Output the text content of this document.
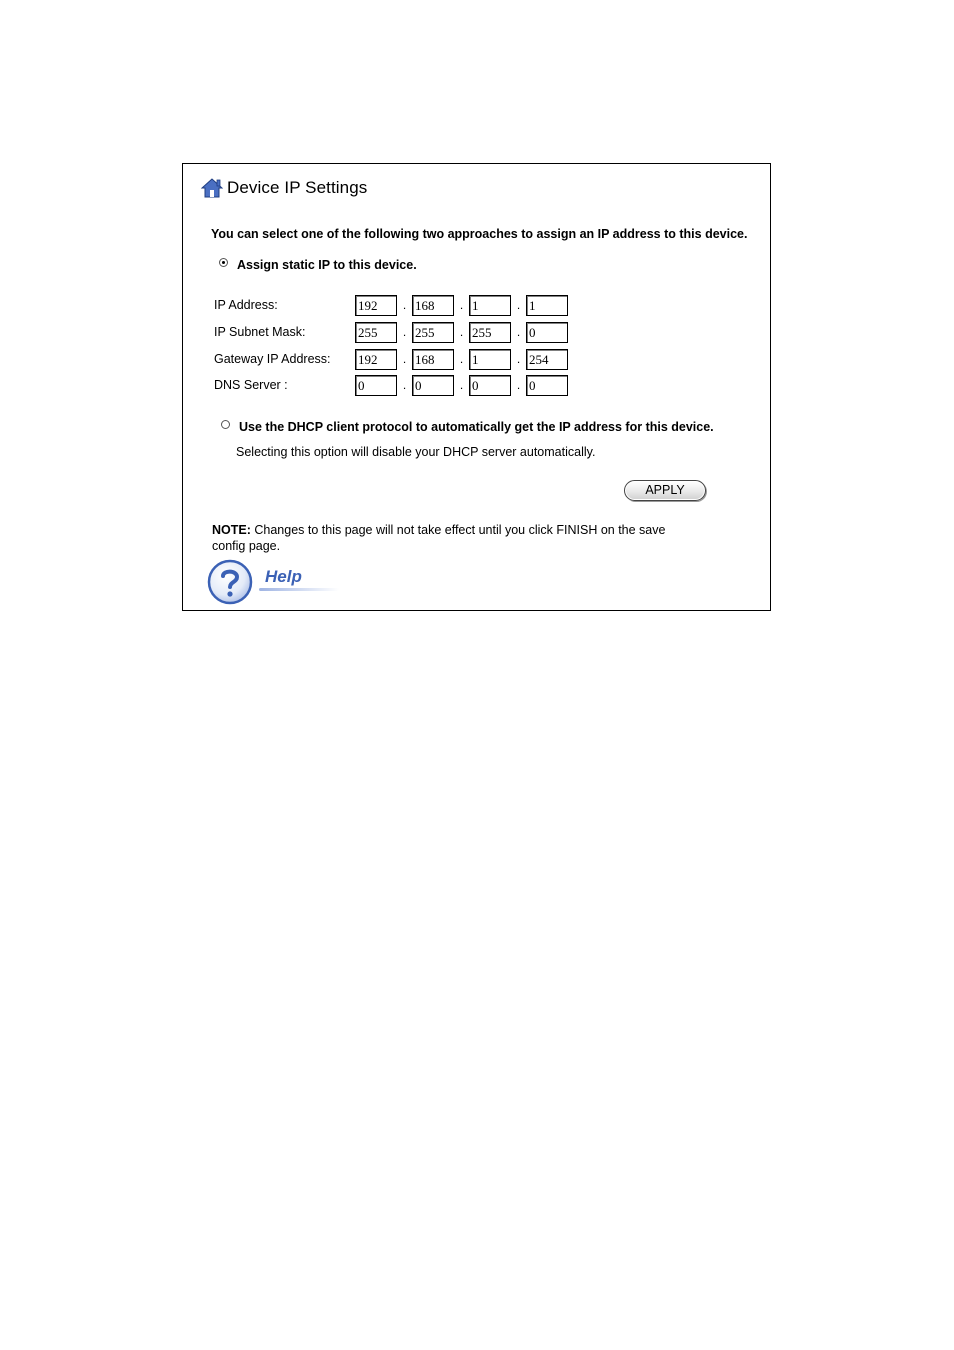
Device IP Settings
You can select one of the following two approaches to assign an IP address to this device.
Assign static IP to this device.
IP Address:	192	. 168	. 1	. 1
IP Subnet Mask:	255	. 255	. 255	. 0
Gateway IP Address:	192	. 168	. 1	. 254
DNS Server :	0	. 0	. 0	. 0
Use the DHCP client protocol to automatically get the IP address for this device.
Selecting this option will disable your DHCP server automatically.
APPLY
NOTE: Changes to this page will not take effect until you click FINISH on the save config page.
Help
